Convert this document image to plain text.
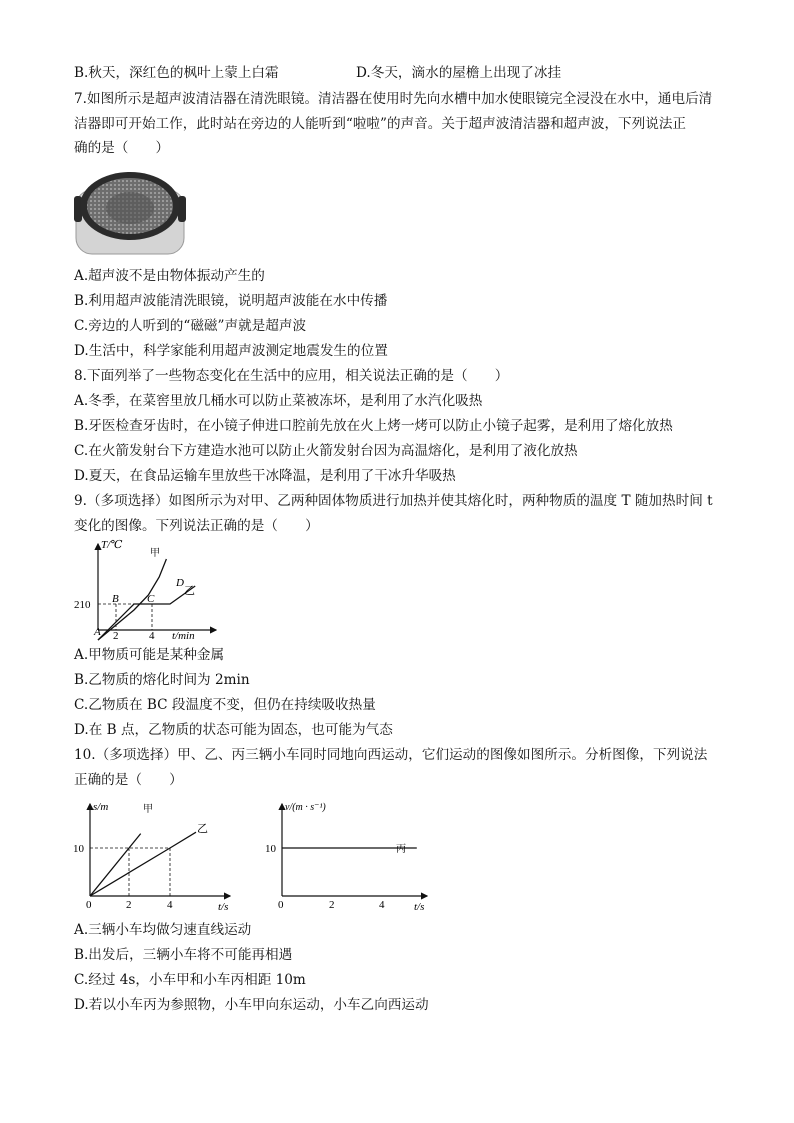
B.秋天，深红色的枫叶上蒙上白霜	D.冬天，滴水的屋檐上出现了冰挂
7.如图所示是超声波清洁器在清洗眼镜。清洁器在使用时先向水槽中加水使眼镜完全浸没在水中，通电后清
洁器即可开始工作，此时站在旁边的人能听到“啦啦”的声音。关于超声波清洁器和超声波，下列说法正
确的是（　　）
A.超声波不是由物体振动产生的
B.利用超声波能清洗眼镜，说明超声波能在水中传播
C.旁边的人听到的“磁磁”声就是超声波
D.生活中，科学家能利用超声波测定地震发生的位置
8.下面列举了一些物态变化在生活中的应用，相关说法正确的是（　　）
A.冬季，在菜窖里放几桶水可以防止菜被冻坏，是利用了水汽化吸热
B.牙医检查牙齿时，在小镜子伸进口腔前先放在火上烤一烤可以防止小镜子起雾，是利用了熔化放热
C.在火箭发射台下方建造水池可以防止火箭发射台因为高温熔化，是利用了液化放热
D.夏天，在食品运输车里放些干冰降温，是利用了干冰升华吸热
9.（多项选择）如图所示为对甲、乙两种固体物质进行加热并使其熔化时，两种物质的温度 T 随加热时间 t
变化的图像。下列说法正确的是（　　）
T/℃
t/min
210
2	4
A
B	C
D
甲
乙
A.甲物质可能是某种金属
B.乙物质的熔化时间为 2min
C.乙物质在 BC 段温度不变，但仍在持续吸收热量
D.在 B 点，乙物质的状态可能为固态，也可能为气态
10.（多项选择）甲、乙、丙三辆小车同时同地向西运动，它们运动的图像如图所示。分析图像，下列说法
正确的是（　　）
s/m
t/s
10
0	2	4
甲
乙
v/(m · s⁻¹)
t/s
10
0	2	4
丙
A.三辆小车均做匀速直线运动
B.出发后，三辆小车将不可能再相遇
C.经过 4s，小车甲和小车丙相距 10m
D.若以小车丙为参照物，小车甲向东运动，小车乙向西运动
